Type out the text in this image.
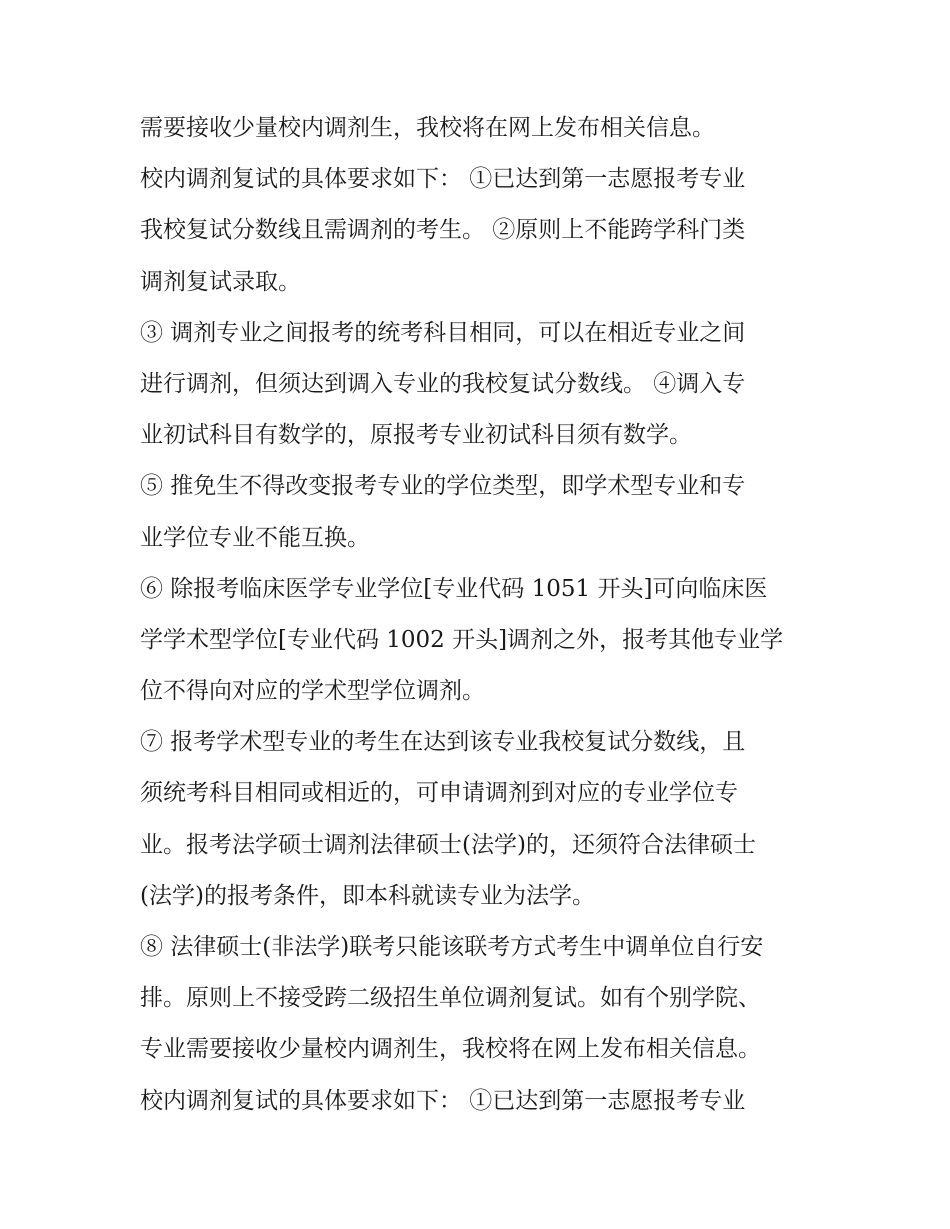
需要接收少量校内调剂生，我校将在网上发布相关信息。
校内调剂复试的具体要求如下： ①已达到第一志愿报考专业
我校复试分数线且需调剂的考生。 ②原则上不能跨学科门类
调剂复试录取。
③ 调剂专业之间报考的统考科目相同，可以在相近专业之间
进行调剂，但须达到调入专业的我校复试分数线。 ④调入专
业初试科目有数学的，原报考专业初试科目须有数学。
⑤ 推免生不得改变报考专业的学位类型，即学术型专业和专
业学位专业不能互换。
⑥ 除报考临床医学专业学位[专业代码 1051 开头]可向临床医
学学术型学位[专业代码 1002 开头]调剂之外，报考其他专业学
位不得向对应的学术型学位调剂。
⑦ 报考学术型专业的考生在达到该专业我校复试分数线，且
须统考科目相同或相近的，可申请调剂到对应的专业学位专
业。报考法学硕士调剂法律硕士(法学)的，还须符合法律硕士
(法学)的报考条件，即本科就读专业为法学。
⑧ 法律硕士(非法学)联考只能该联考方式考生中调单位自行安
排。原则上不接受跨二级招生单位调剂复试。如有个别学院、
专业需要接收少量校内调剂生，我校将在网上发布相关信息。
校内调剂复试的具体要求如下： ①已达到第一志愿报考专业
